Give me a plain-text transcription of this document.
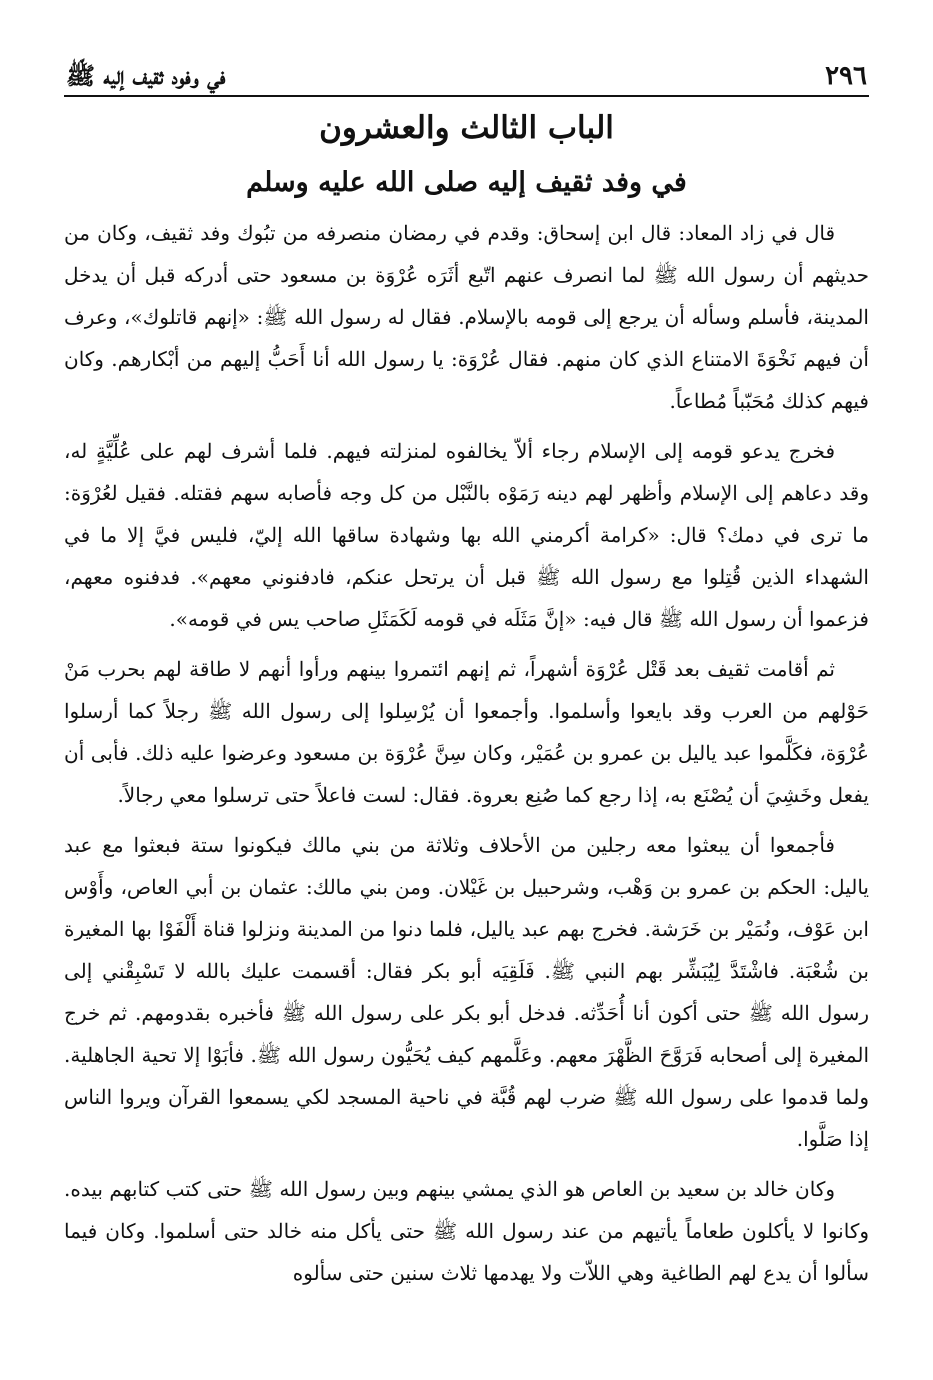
٢٩٦
في وفود ثقيف إليه ﷺ
الباب الثالث والعشرون
في وفد ثقيف إليه صلى الله عليه وسلم

قال في زاد المعاد: قال ابن إسحاق: وقدم في رمضان منصرفه من تبُوك وفد ثقيف، وكان من حديثهم أن رسول الله ﷺ لما انصرف عنهم اتّبع أثَرَه عُرْوَة بن مسعود حتى أدركه قبل أن يدخل المدينة، فأسلم وسأله أن يرجع إلى قومه بالإسلام. فقال له رسول الله ﷺ: «إنهم قاتلوك»، وعرف أن فيهم نَخْوَةَ الامتناع الذي كان منهم. فقال عُرْوَة: يا رسول الله أنا أَحَبُّ إليهم من أبْكارهم. وكان فيهم كذلك مُحَبّباً مُطاعاً.

فخرج يدعو قومه إلى الإسلام رجاء ألاّ يخالفوه لمنزلته فيهم. فلما أشرف لهم على عُلِّيَّةٍ له، وقد دعاهم إلى الإسلام وأظهر لهم دينه رَمَوْه بالنَّبْل من كل وجه فأصابه سهم فقتله. فقيل لعُرْوَة: ما ترى في دمك؟ قال: «كرامة أكرمني الله بها وشهادة ساقها الله إليّ، فليس فيَّ إلا ما في الشهداء الذين قُتِلوا مع رسول الله ﷺ قبل أن يرتحل عنكم، فادفنوني معهم». فدفنوه معهم، فزعموا أن رسول الله ﷺ قال فيه: «إنَّ مَثَلَه في قومه لَكَمَثَلِ صاحب يس في قومه».

ثم أقامت ثقيف بعد قَتْل عُرْوَة أشهراً، ثم إنهم ائتمروا بينهم ورأوا أنهم لا طاقة لهم بحرب مَنْ حَوْلهم من العرب وقد بايعوا وأسلموا. وأجمعوا أن يُرْسِلوا إلى رسول الله ﷺ رجلاً كما أرسلوا عُرْوَة، فكَلَّموا عبد ياليل بن عمرو بن عُمَيْر، وكان سِنَّ عُرْوَة بن مسعود وعرضوا عليه ذلك. فأبى أن يفعل وخَشِيَ أن يُصْنَع به، إذا رجع كما صُنِع بعروة. فقال: لست فاعلاً حتى ترسلوا معي رجالاً.

فأجمعوا أن يبعثوا معه رجلين من الأحلاف وثلاثة من بني مالك فيكونوا ستة فبعثوا مع عبد ياليل: الحكم بن عمرو بن وَهْب، وشرحبيل بن غَيْلان. ومن بني مالك: عثمان بن أبي العاص، وأَوْس ابن عَوْف، ونُمَيْر بن خَرَشة. فخرج بهم عبد ياليل، فلما دنوا من المدينة ونزلوا قناة أَلْفَوْا بها المغيرة بن شُعْبَة. فاشْتَدَّ لِيُبَشِّر بهم النبي ﷺ. فَلَقِيَه أبو بكر فقال: أقسمت عليك بالله لا تَسْبِقْني إلى رسول الله ﷺ حتى أكون أنا أُحَدِّثه. فدخل أبو بكر على رسول الله ﷺ فأخبره بقدومهم. ثم خرج المغيرة إلى أصحابه فَرَوَّحَ الظَّهْرَ معهم. وعَلَّمهم كيف يُحَيُّون رسول الله ﷺ. فأبَوْا إلا تحية الجاهلية. ولما قدموا على رسول الله ﷺ ضرب لهم قُبَّة في ناحية المسجد لكي يسمعوا القرآن ويروا الناس إذا صَلَّوا.

وكان خالد بن سعيد بن العاص هو الذي يمشي بينهم وبين رسول الله ﷺ حتى كتب كتابهم بيده. وكانوا لا يأكلون طعاماً يأتيهم من عند رسول الله ﷺ حتى يأكل منه خالد حتى أسلموا. وكان فيما سألوا أن يدع لهم الطاغية وهي اللاّت ولا يهدمها ثلاث سنين حتى سألوه
